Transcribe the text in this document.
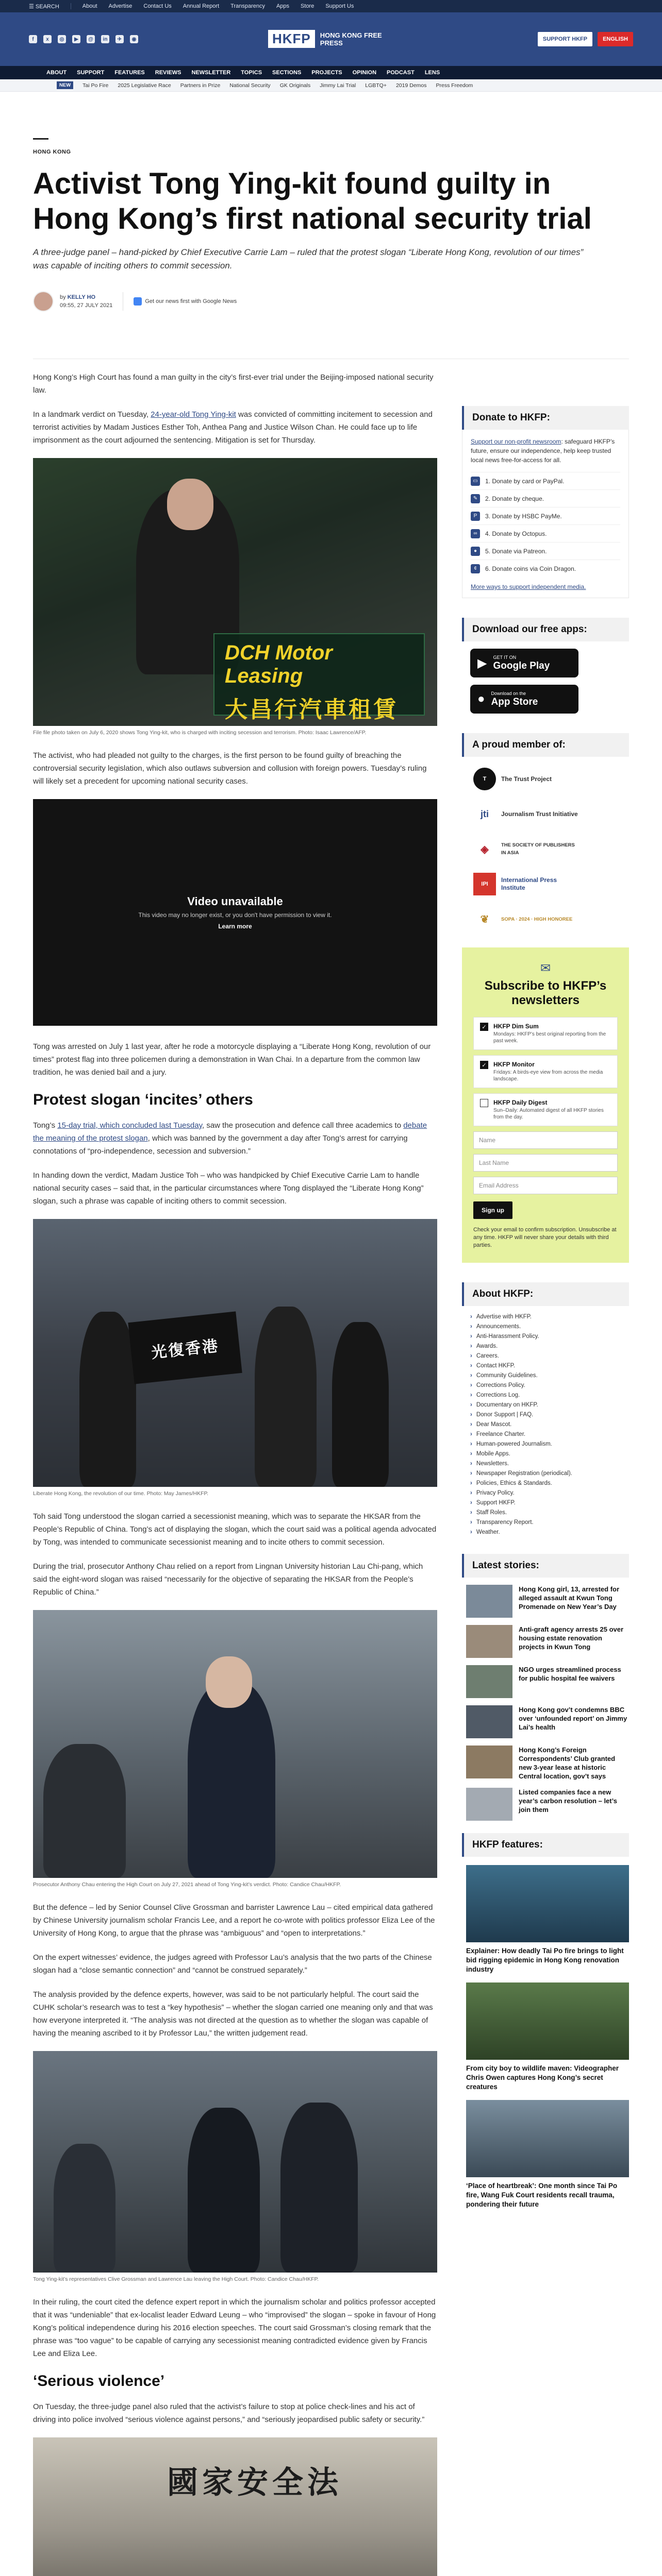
☰ SEARCH	About Advertise Contact Us Annual Report Transparency Apps Store Support Us
f	x	◎	▶	@	in	✈	◉	HKFP	HONG KONG FREE PRESS	SUPPORT HKFP	ENGLISH
ABOUT SUPPORT FEATURES REVIEWS NEWSLETTER TOPICS SECTIONS PROJECTS OPINION PODCAST LENS
NEW	Tai Po Fire 2025 Legislative Race Partners in Prize National Security GK Originals Jimmy Lai Trial LGBTQ+ 2019 Demos Press Freedom
HONG KONG
Activist Tong Ying-kit found guilty in Hong Kong’s first national security trial
A three-judge panel – hand-picked by Chief Executive Carrie Lam – ruled that the protest slogan “Liberate Hong Kong, revolution of our times” was capable of inciting others to commit secession.
by KELLY HO
09:55, 27 JULY 2021
Get our news first with Google News

Hong Kong’s High Court has found a man guilty in the city’s first-ever trial under the Beijing-imposed national security law.

In a landmark verdict on Tuesday, 24-year-old Tong Ying-kit was convicted of committing incitement to secession and terrorist activities by Madam Justices Esther Toh, Anthea Pang and Justice Wilson Chan. He could face up to life imprisonment as the court adjourned the sentencing. Mitigation is set for Thursday.

DCH Motor Leasing
大昌行汽車租賃
File file photo taken on July 6, 2020 shows Tong Ying-kit, who is charged with inciting secession and terrorism. Photo: Isaac Lawrence/AFP.

The activist, who had pleaded not guilty to the charges, is the first person to be found guilty of breaching the controversial security legislation, which also outlaws subversion and collusion with foreign powers. Tuesday’s ruling will likely set a precedent for upcoming national security cases.

Video unavailable
This video may no longer exist, or you don't have permission to view it.
Learn more

Tong was arrested on July 1 last year, after he rode a motorcycle displaying a “Liberate Hong Kong, revolution of our times” protest flag into three policemen during a demonstration in Wan Chai. In a departure from the common law tradition, he was denied bail and a jury.

Protest slogan ‘incites’ others

Tong’s 15-day trial, which concluded last Tuesday, saw the prosecution and defence call three academics to debate the meaning of the protest slogan, which was banned by the government a day after Tong’s arrest for carrying connotations of “pro-independence, secession and subversion.”

In handing down the verdict, Madam Justice Toh – who was handpicked by Chief Executive Carrie Lam to handle national security cases – said that, in the particular circumstances where Tong displayed the “Liberate Hong Kong” slogan, such a phrase was capable of inciting others to commit secession.

光復香港
Liberate Hong Kong, the revolution of our time. Photo: May James/HKFP.

Toh said Tong understood the slogan carried a secessionist meaning, which was to separate the HKSAR from the People’s Republic of China. Tong’s act of displaying the slogan, which the court said was a political agenda advocated by Tong, was intended to communicate secessionist meaning and to incite others to commit secession.

During the trial, prosecutor Anthony Chau relied on a report from Lingnan University historian Lau Chi-pang, which said the eight-word slogan was raised “necessarily for the objective of separating the HKSAR from the People’s Republic of China.”

Prosecutor Anthony Chau entering the High Court on July 27, 2021 ahead of Tong Ying-kit’s verdict. Photo: Candice Chau/HKFP.

But the defence – led by Senior Counsel Clive Grossman and barrister Lawrence Lau – cited empirical data gathered by Chinese University journalism scholar Francis Lee, and a report he co-wrote with politics professor Eliza Lee of the University of Hong Kong, to argue that the phrase was “ambiguous” and “open to interpretations.”

On the expert witnesses’ evidence, the judges agreed with Professor Lau’s analysis that the two parts of the Chinese slogan had a “close semantic connection” and “cannot be construed separately.”

The analysis provided by the defence experts, however, was said to be not particularly helpful. The court said the CUHK scholar’s research was to test a “key hypothesis” – whether the slogan carried one meaning only and that was how everyone interpreted it. “The analysis was not directed at the question as to whether the slogan was capable of having the meaning ascribed to it by Professor Lau,” the written judgement read.

Tong Ying-kit’s representatives Clive Grossman and Lawrence Lau leaving the High Court. Photo: Candice Chau/HKFP.

In their ruling, the court cited the defence expert report in which the journalism scholar and politics professor accepted that it was “undeniable” that ex-localist leader Edward Leung – who “improvised” the slogan – spoke in favour of Hong Kong’s political independence during his 2016 election speeches. The court said Grossman’s closing remark that the phrase was “too vague” to be capable of carrying any secessionist meaning contradicted evidence given by Francis Lee and Eliza Lee.

‘Serious violence’

On Tuesday, the three-judge panel also ruled that the activist’s failure to stop at police check-lines and his act of driving into police involved “serious violence against persons,” and “seriously jeopardised public safety or security.”

國家安全法
Donate to HKFP:

Support our non-profit newsroom: safeguard HKFP’s future, ensure our independence, help keep trusted local news free-for-access for all.

▭	1. Donate by card or PayPal.
✎	2. Donate by cheque.
P	3. Donate by HSBC PayMe.
∞	4. Donate by Octopus.
●	5. Donate via Patreon.
¢	6. Donate coins via Coin Dragon.
More ways to support independent media.
Download our free apps:
▶ GET IT ON
Google Play
● Download on the
App Store
A proud member of:
T	The Trust Project
jti	Journalism Trust Initiative
◈	THE SOCIETY OF PUBLISHERS IN ASIA
IPI
International Press Institute
❦	SOPA · 2024 · HIGH HONOREE
✉
Subscribe to HKFP’s newsletters
✓ HKFP Dim Sum
Mondays: HKFP’s best original reporting from the past week.
✓ HKFP Monitor
Fridays: A birds-eye view from across the media landscape.
HKFP Daily Digest
Sun–Daily: Automated digest of all HKFP stories from the day.
Name
Last Name
Email Address
Sign up
Check your email to confirm subscription. Unsubscribe at any time. HKFP will never share your details with third parties.
About HKFP:
› Advertise with HKFP.
› Announcements.
› Anti-Harassment Policy.
› Awards.
› Careers.
› Contact HKFP.
› Community Guidelines.
› Corrections Policy.
› Corrections Log.
› Documentary on HKFP.
› Donor Support | FAQ.
› Dear Mascot.
› Freelance Charter.
› Human-powered Journalism.
› Mobile Apps.
› Newsletters.
› Newspaper Registration (periodical).
› Policies, Ethics & Standards.
› Privacy Policy.
› Support HKFP.
› Staff Roles.
› Transparency Report.
› Weather.
Latest stories:
Hong Kong girl, 13, arrested for alleged assault at Kwun Tong Promenade on New Year’s Day
Anti-graft agency arrests 25 over housing estate renovation projects in Kwun Tong
NGO urges streamlined process for public hospital fee waivers
Hong Kong gov’t condemns BBC over ‘unfounded report’ on Jimmy Lai’s health
Hong Kong’s Foreign Correspondents’ Club granted new 3-year lease at historic Central location, gov’t says
Listed companies face a new year’s carbon resolution – let’s join them
HKFP features:
Explainer: How deadly Tai Po fire brings to light bid rigging epidemic in Hong Kong renovation industry
From city boy to wildlife maven: Videographer Chris Owen captures Hong Kong’s secret creatures
‘Place of heartbreak’: One month since Tai Po fire, Wang Fuk Court residents recall trauma, pondering their future
